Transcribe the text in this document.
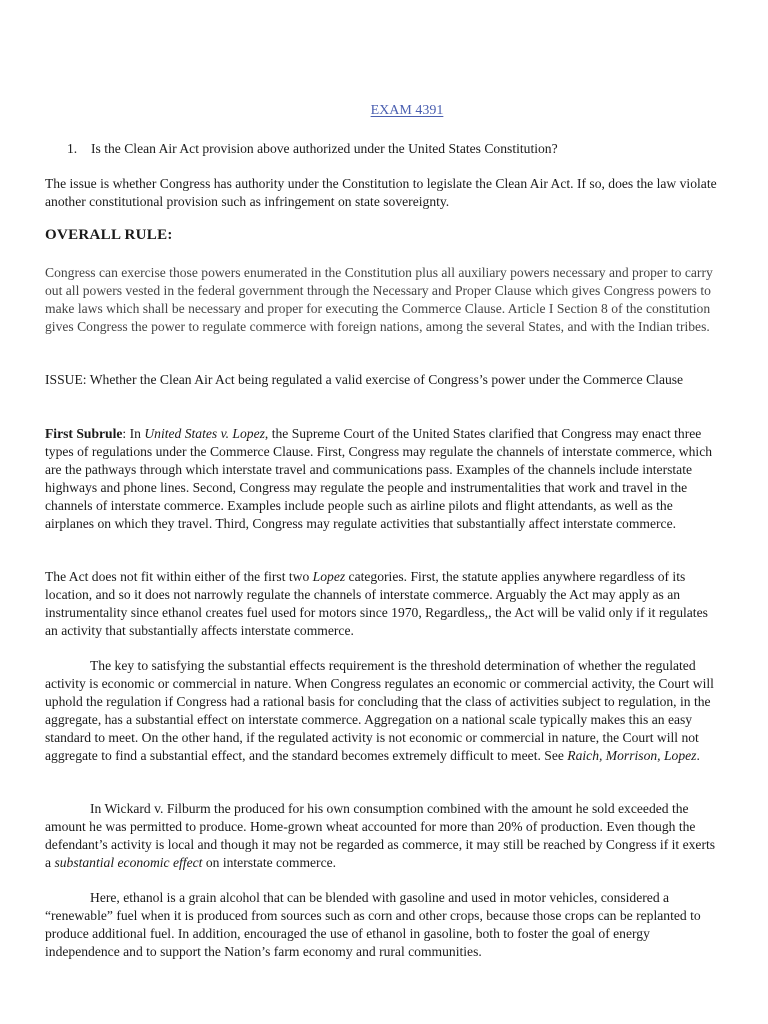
EXAM 4391

1. Is the Clean Air Act provision above authorized under the United States Constitution?

The issue is whether Congress has authority under the Constitution to legislate the Clean Air Act. If so, does the law violate another constitutional provision such as infringement on state sovereignty.

OVERALL RULE:

Congress can exercise those powers enumerated in the Constitution plus all auxiliary powers necessary and proper to carry out all powers vested in the federal government through the Necessary and Proper Clause which gives Congress powers to make laws which shall be necessary and proper for executing the Commerce Clause. Article I Section 8 of the constitution gives Congress the power to regulate commerce with foreign nations, among the several States, and with the Indian tribes.

ISSUE: Whether the Clean Air Act being regulated a valid exercise of Congress’s power under the Commerce Clause

First Subrule: In United States v. Lopez, the Supreme Court of the United States clarified that Congress may enact three types of regulations under the Commerce Clause. First, Congress may regulate the channels of interstate commerce, which are the pathways through which interstate travel and communications pass. Examples of the channels include interstate highways and phone lines. Second, Congress may regulate the people and instrumentalities that work and travel in the channels of interstate commerce. Examples include people such as airline pilots and flight attendants, as well as the airplanes on which they travel. Third, Congress may regulate activities that substantially affect interstate commerce.

The Act does not fit within either of the first two Lopez categories. First, the statute applies anywhere regardless of its location, and so it does not narrowly regulate the channels of interstate commerce. Arguably the Act may apply as an instrumentality since ethanol creates fuel used for motors since 1970, Regardless,, the Act will be valid only if it regulates an activity that substantially affects interstate commerce.

The key to satisfying the substantial effects requirement is the threshold determination of whether the regulated activity is economic or commercial in nature. When Congress regulates an economic or commercial activity, the Court will uphold the regulation if Congress had a rational basis for concluding that the class of activities subject to regulation, in the aggregate, has a substantial effect on interstate commerce. Aggregation on a national scale typically makes this an easy standard to meet. On the other hand, if the regulated activity is not economic or commercial in nature, the Court will not aggregate to find a substantial effect, and the standard becomes extremely difficult to meet. See Raich, Morrison, Lopez.

In Wickard v. Filburm the produced for his own consumption combined with the amount he sold exceeded the amount he was permitted to produce. Home-grown wheat accounted for more than 20% of production. Even though the defendant’s activity is local and though it may not be regarded as commerce, it may still be reached by Congress if it exerts a substantial economic effect on interstate commerce.

Here, ethanol is a grain alcohol that can be blended with gasoline and used in motor vehicles, considered a “renewable” fuel when it is produced from sources such as corn and other crops, because those crops can be replanted to produce additional fuel. In addition, encouraged the use of ethanol in gasoline, both to foster the goal of energy independence and to support the Nation’s farm economy and rural communities.
